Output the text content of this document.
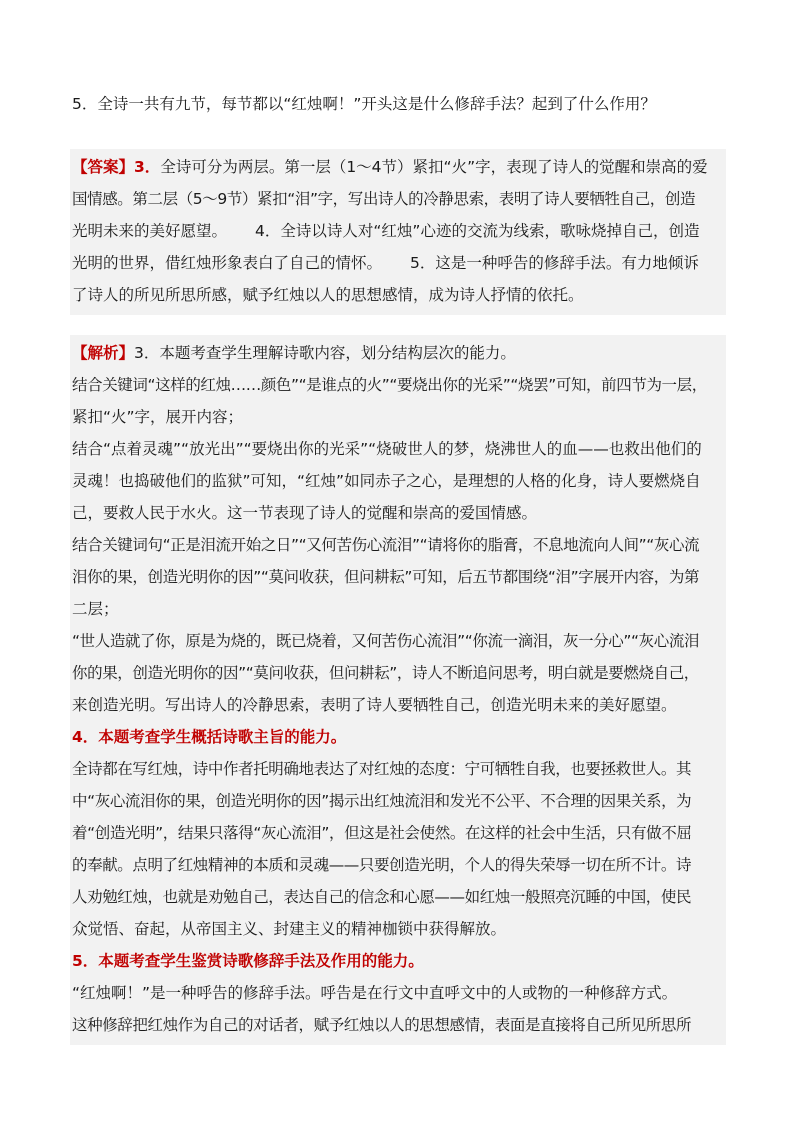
5．全诗一共有九节，每节都以“红烛啊！”开头这是什么修辞手法？起到了什么作用？
【答案】3．全诗可分为两层。第一层（1～4节）紧扣“火”字，表现了诗人的觉醒和崇高的爱
国情感。第二层（5～9节）紧扣“泪”字，写出诗人的冷静思索，表明了诗人要牺牲自己，创造
光明未来的美好愿望。 4．全诗以诗人对“红烛”心迹的交流为线索，歌咏烧掉自己，创造
光明的世界，借红烛形象表白了自己的情怀。 5．这是一种呼告的修辞手法。有力地倾诉
了诗人的所见所思所感，赋予红烛以人的思想感情，成为诗人抒情的依托。
【解析】3．本题考查学生理解诗歌内容，划分结构层次的能力。
结合关键词“这样的红烛……颜色”“是谁点的火”“要烧出你的光采”“烧罢”可知，前四节为一层，
紧扣“火”字，展开内容；
结合“点着灵魂”“放光出”“要烧出你的光采”“烧破世人的梦，烧沸世人的血——也救出他们的
灵魂！也捣破他们的监狱”可知，“红烛”如同赤子之心，是理想的人格的化身，诗人要燃烧自
己，要救人民于水火。这一节表现了诗人的觉醒和崇高的爱国情感。
结合关键词句“正是泪流开始之日”“又何苦伤心流泪”“请将你的脂膏，不息地流向人间”“灰心流
泪你的果，创造光明你的因”“莫问收获，但问耕耘”可知，后五节都围绕“泪”字展开内容，为第
二层；
“世人造就了你，原是为烧的，既已烧着，又何苦伤心流泪”“你流一滴泪，灰一分心”“灰心流泪
你的果，创造光明你的因”“莫问收获，但问耕耘”，诗人不断追问思考，明白就是要燃烧自己，
来创造光明。写出诗人的冷静思索，表明了诗人要牺牲自己，创造光明未来的美好愿望。
4．本题考查学生概括诗歌主旨的能力。
全诗都在写红烛，诗中作者托明确地表达了对红烛的态度：宁可牺牲自我，也要拯救世人。其
中“灰心流泪你的果，创造光明你的因”揭示出红烛流泪和发光不公平、不合理的因果关系，为
着“创造光明”，结果只落得“灰心流泪”，但这是社会使然。在这样的社会中生活，只有做不屈
的奉献。点明了红烛精神的本质和灵魂——只要创造光明，个人的得失荣辱一切在所不计。诗
人劝勉红烛，也就是劝勉自己，表达自己的信念和心愿——如红烛一般照亮沉睡的中国，使民
众觉悟、奋起，从帝国主义、封建主义的精神枷锁中获得解放。
5．本题考查学生鉴赏诗歌修辞手法及作用的能力。
“红烛啊！”是一种呼告的修辞手法。呼告是在行文中直呼文中的人或物的一种修辞方式。
这种修辞把红烛作为自己的对话者，赋予红烛以人的思想感情，表面是直接将自己所见所思所
